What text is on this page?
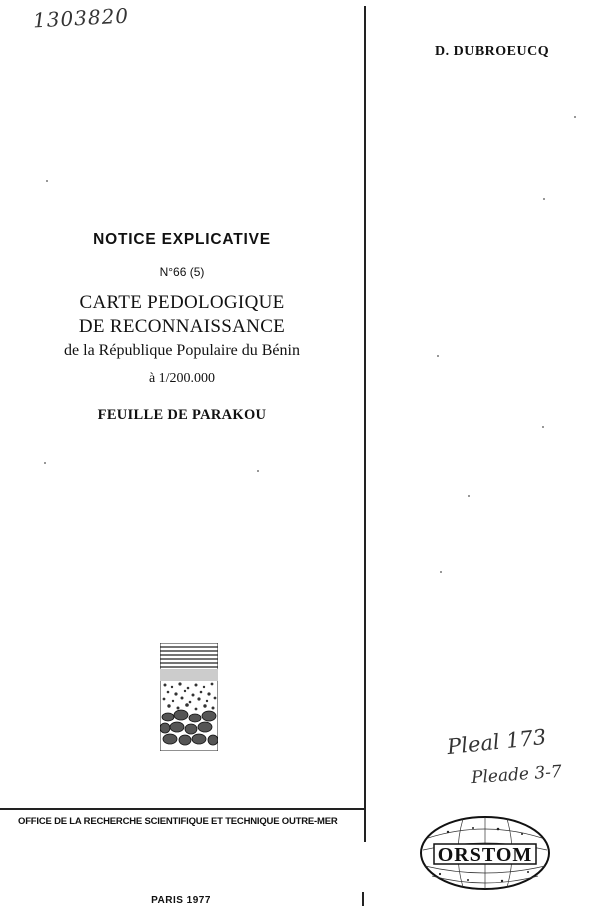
1303820
D. DUBROEUCQ
NOTICE EXPLICATIVE
N°66 (5)
CARTE PEDOLOGIQUE
DE RECONNAISSANCE
de la République Populaire du Bénin
à 1/200.000
FEUILLE DE PARAKOU
Pleal 173
Pleade 3-7
OFFICE DE LA RECHERCHE SCIENTIFIQUE ET TECHNIQUE OUTRE-MER
PARIS 1977
ORSTOM
